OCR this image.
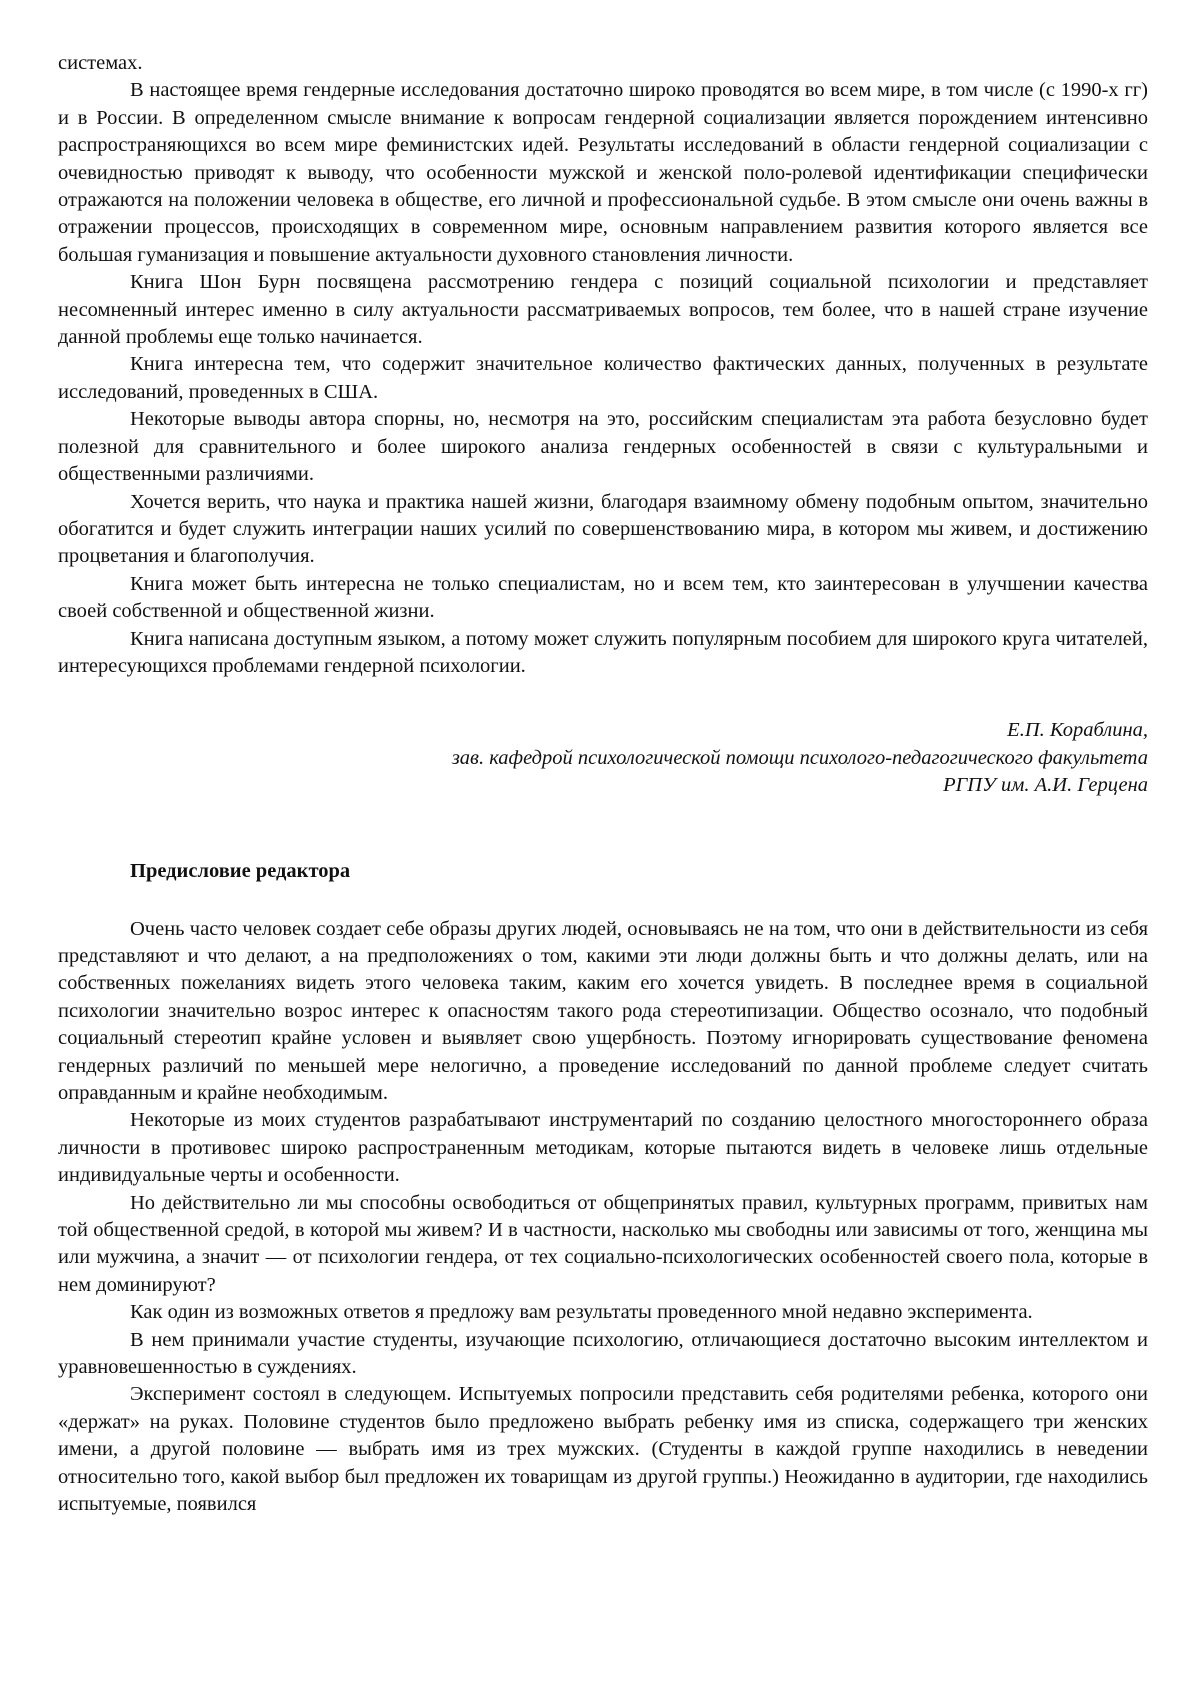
системах.

В настоящее время гендерные исследования достаточно широко проводятся во всем мире, в том числе (с 1990-х гг) и в России. В определенном смысле внимание к вопросам гендерной социализации является порождением интенсивно распространяющихся во всем мире феминистских идей. Результаты исследований в области гендерной социализации с очевидностью приводят к выводу, что особенности мужской и женской поло-ролевой идентификации специфически отражаются на положении человека в обществе, его личной и профессиональной судьбе. В этом смысле они очень важны в отражении процессов, происходящих в современном мире, основным направлением развития которого является все большая гуманизация и повышение актуальности духовного становления личности.

Книга Шон Бурн посвящена рассмотрению гендера с позиций социальной психологии и представляет несомненный интерес именно в силу актуальности рассматриваемых вопросов, тем более, что в нашей стране изучение данной проблемы еще только начинается.

Книга интересна тем, что содержит значительное количество фактических данных, полученных в результате исследований, проведенных в США.

Некоторые выводы автора спорны, но, несмотря на это, российским специалистам эта работа безусловно будет полезной для сравнительного и более широкого анализа гендерных особенностей в связи с культуральными и общественными различиями.

Хочется верить, что наука и практика нашей жизни, благодаря взаимному обмену подобным опытом, значительно обогатится и будет служить интеграции наших усилий по совершенствованию мира, в котором мы живем, и достижению процветания и благополучия.

Книга может быть интересна не только специалистам, но и всем тем, кто заинтересован в улучшении качества своей собственной и общественной жизни.

Книга написана доступным языком, а потому может служить популярным пособием для широкого круга читателей, интересующихся проблемами гендерной психологии.

Е.П. Кораблина,
зав. кафедрой психологической помощи психолого-педагогического факультета
РГПУ им. А.И. Герцена
Предисловие редактора

Очень часто человек создает себе образы других людей, основываясь не на том, что они в действительности из себя представляют и что делают, а на предположениях о том, какими эти люди должны быть и что должны делать, или на собственных пожеланиях видеть этого человека таким, каким его хочется увидеть. В последнее время в социальной психологии значительно возрос интерес к опасностям такого рода стереотипизации. Общество осознало, что подобный социальный стереотип крайне условен и выявляет свою ущербность. Поэтому игнорировать существование феномена гендерных различий по меньшей мере нелогично, а проведение исследований по данной проблеме следует считать оправданным и крайне необходимым.

Некоторые из моих студентов разрабатывают инструментарий по созданию целостного многостороннего образа личности в противовес широко распространенным методикам, которые пытаются видеть в человеке лишь отдельные индивидуальные черты и особенности.

Но действительно ли мы способны освободиться от общепринятых правил, культурных программ, привитых нам той общественной средой, в которой мы живем? И в частности, насколько мы свободны или зависимы от того, женщина мы или мужчина, а значит — от психологии гендера, от тех социально-психологических особенностей своего пола, которые в нем доминируют?

Как один из возможных ответов я предложу вам результаты проведенного мной недавно эксперимента.

В нем принимали участие студенты, изучающие психологию, отличающиеся достаточно высоким интеллектом и уравновешенностью в суждениях.

Эксперимент состоял в следующем. Испытуемых попросили представить себя родителями ребенка, которого они «держат» на руках. Половине студентов было предложено выбрать ребенку имя из списка, содержащего три женских имени, а другой половине — выбрать имя из трех мужских. (Студенты в каждой группе находились в неведении относительно того, какой выбор был предложен их товарищам из другой группы.) Неожиданно в аудитории, где находились испытуемые, появился
